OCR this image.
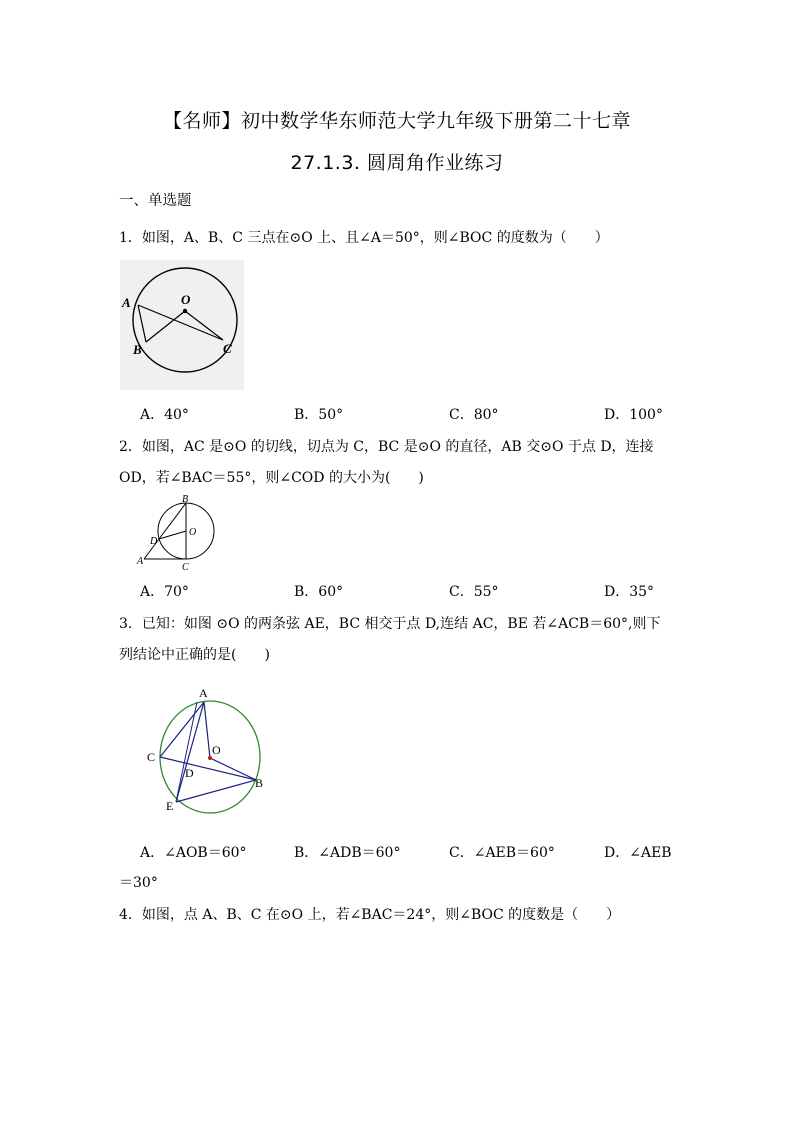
【名师】初中数学华东师范大学九年级下册第二十七章
27.1.3. 圆周角作业练习
一、单选题
1．如图，A、B、C 三点在⊙O 上、且∠A＝50°，则∠BOC 的度数为（　　）
A
B	C
O
A．40°	B．50°	C．80°	D．100°
2．如图，AC 是⊙O 的切线，切点为 C，BC 是⊙O 的直径，AB 交⊙O 于点 D，连接
OD，若∠BAC＝55°，则∠COD 的大小为(　　)
B
O
D
A
C
A．70°	B．60°	C．55°	D．35°
3．已知：如图 ⊙O 的两条弦 AE，BC 相交于点 D,连结 AC，BE 若∠ACB＝60°,则下
列结论中正确的是(　　)
A
O
C
D
B
E
A．∠AOB＝60°	B．∠ADB＝60°	C．∠AEB＝60°	D．∠AEB
＝30°
4．如图，点 A、B、C 在⊙O 上，若∠BAC＝24°，则∠BOC 的度数是（　　）
